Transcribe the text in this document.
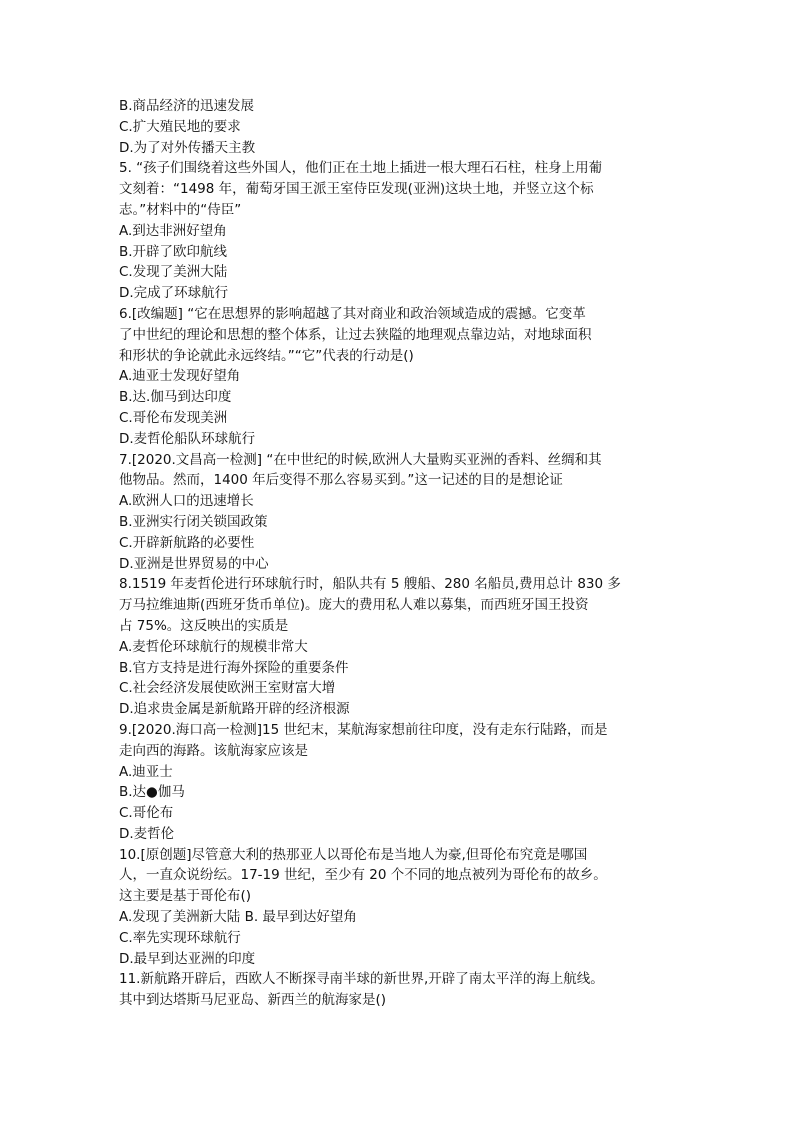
B.商品经济的迅速发展
C.扩大殖民地的要求
D.为了对外传播天主教
5. “孩子们围绕着这些外国人，他们正在土地上插进一根大理石石柱，柱身上用葡
文刻着：“1498 年，葡萄牙国王派王室侍臣发现(亚洲)这块土地，并竖立这个标
志。”材料中的“侍臣”
A.到达非洲好望角
B.开辟了欧印航线
C.发现了美洲大陆
D.完成了环球航行
6.[改编题] “它在思想界的影响超越了其对商业和政治领域造成的震撼。它变革
了中世纪的理论和思想的整个体系，让过去狭隘的地理观点靠边站，对地球面积
和形状的争论就此永远终结。”“它”代表的行动是()
A.迪亚士发现好望角
B.达.伽马到达印度
C.哥伦布发现美洲
D.麦哲伦船队环球航行
7.[2020.文昌高一检测] “在中世纪的时候,欧洲人大量购买亚洲的香料、丝绸和其
他物品。然而，1400 年后变得不那么容易买到。”这一记述的目的是想论证
A.欧洲人口的迅速增长
B.亚洲实行闭关锁国政策
C.开辟新航路的必要性
D.亚洲是世界贸易的中心
8.1519 年麦哲伦进行环球航行时，船队共有 5 艘船、280 名船员,费用总计 830 多
万马拉维迪斯(西班牙货币单位)。庞大的费用私人难以募集，而西班牙国王投资
占 75%。这反映出的实质是
A.麦哲伦环球航行的规模非常大
B.官方支持是进行海外探险的重要条件
C.社会经济发展使欧洲王室财富大增
D.追求贵金属是新航路开辟的经济根源
9.[2020.海口高一检测]15 世纪末，某航海家想前往印度，没有走东行陆路，而是
走向西的海路。该航海家应该是
A.迪亚士
B.达●伽马
C.哥伦布
D.麦哲伦
10.[原创题]尽管意大利的热那亚人以哥伦布是当地人为豪,但哥伦布究竟是哪国
人，一直众说纷纭。17-19 世纪，至少有 20 个不同的地点被列为哥伦布的故乡。
这主要是基于哥伦布()
A.发现了美洲新大陆 B. 最早到达好望角
C.率先实现环球航行
D.最早到达亚洲的印度
11.新航路开辟后，西欧人不断探寻南半球的新世界,开辟了南太平洋的海上航线。
其中到达塔斯马尼亚岛、新西兰的航海家是()
